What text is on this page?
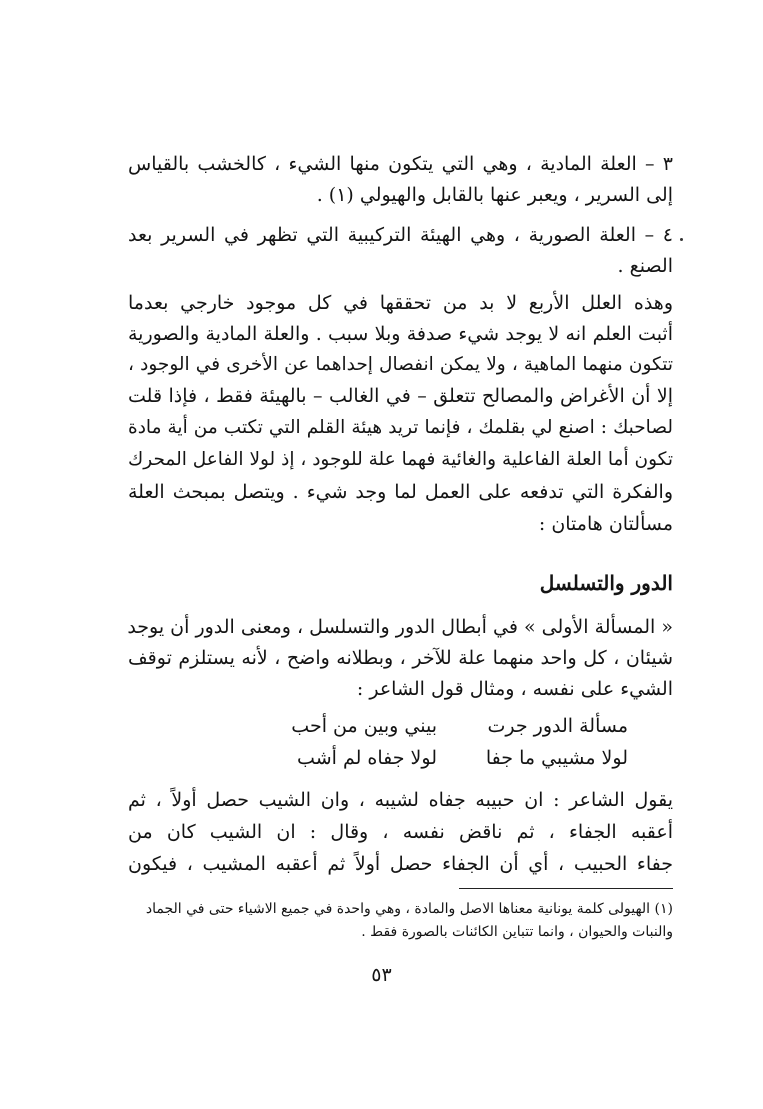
٣ – العلة المادية ، وهي التي يتكون منها الشيء ، كالخشب بالقياس
إلى السرير ، ويعبر عنها بالقابل والهيولي (١) .
٤ – العلة الصورية ، وهي الهيئة التركيبية التي تظهر في السرير بعد
الصنع .
وهذه العلل الأربع لا بد من تحققها في كل موجود خارجي بعدما
أثبت العلم انه لا يوجد شيء صدفة وبلا سبب . والعلة المادية والصورية
تتكون منهما الماهية ، ولا يمكن انفصال إحداهما عن الأخرى في الوجود ،
إلا أن الأغراض والمصالح تتعلق – في الغالب – بالهيئة فقط ، فإذا قلت
لصاحبك : اصنع لي بقلمك ، فإنما تريد هيئة القلم التي تكتب من أية مادة
تكون أما العلة الفاعلية والغائية فهما علة للوجود ، إذ لولا الفاعل المحرك
والفكرة التي تدفعه على العمل لما وجد شيء . ويتصل بمبحث العلة
مسألتان هامتان :
الدور والتسلسل
« المسألة الأولى » في أبطال الدور والتسلسل ، ومعنى الدور أن يوجد
شيئان ، كل واحد منهما علة للآخر ، وبطلانه واضح ، لأنه يستلزم توقف
الشيء على نفسه ، ومثال قول الشاعر :
مسألة الدور جرت
بيني وبين من أحب
لولا مشيبي ما جفا
لولا جفاه لم أشب
يقول الشاعر : ان حبيبه جفاه لشيبه ، وان الشيب حصل أولاً ، ثم
أعقبه الجفاء ، ثم ناقض نفسه ، وقال : ان الشيب كان من
جفاء الحبيب ، أي أن الجفاء حصل أولاً ثم أعقبه المشيب ، فيكون
(١) الهيولى كلمة يونانية معناها الاصل والمادة ، وهي واحدة في جميع الاشياء حتى في الجماد
والنبات والحيوان ، وانما تتباين الكائنات بالصورة فقط .
٥٣
